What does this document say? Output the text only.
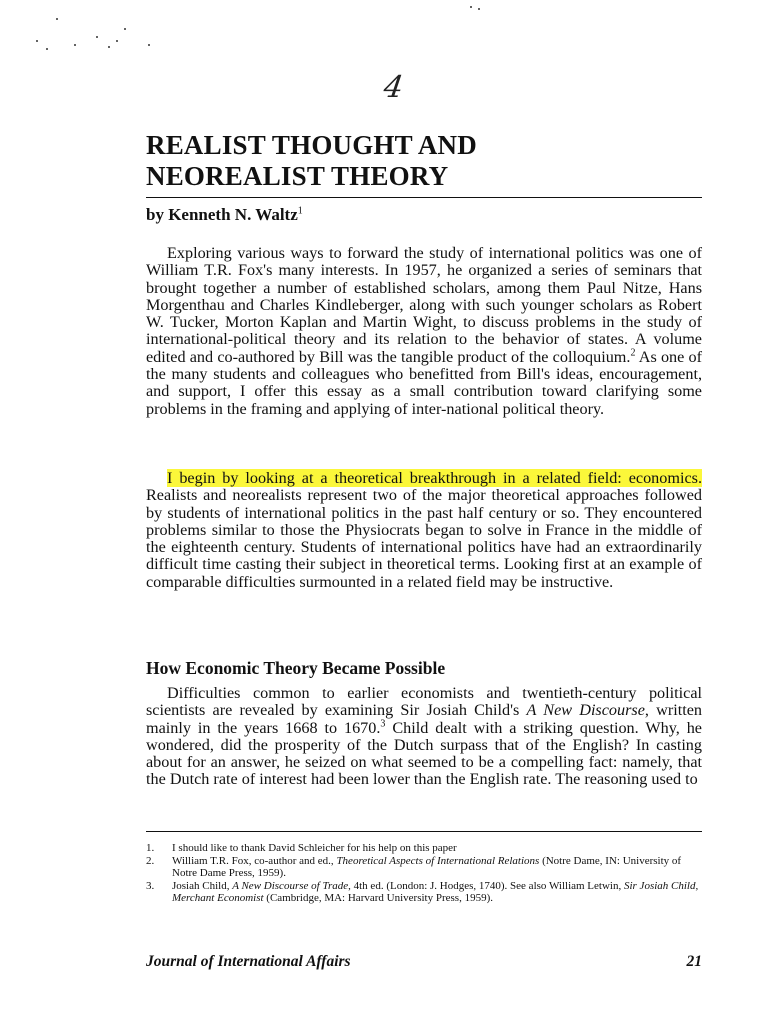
4
REALIST THOUGHT AND
NEOREALIST THEORY
by Kenneth N. Waltz$^1$

Exploring various ways to forward the study of international politics was one of William T.R. Fox's many interests. In 1957, he organized a series of seminars that brought together a number of established scholars, among them Paul Nitze, Hans Morgenthau and Charles Kindleberger, along with such younger scholars as Robert W. Tucker, Morton Kaplan and Martin Wight, to discuss problems in the study of international-political theory and its relation to the behavior of states. A volume edited and co-authored by Bill was the tangible product of the colloquium.$^2$ As one of the many students and colleagues who benefitted from Bill's ideas, encouragement, and support, I offer this essay as a small contribution toward clarifying some problems in the framing and applying of inter-national political theory.

I begin by looking at a theoretical breakthrough in a related field: economics. Realists and neorealists represent two of the major theoretical approaches followed by students of international politics in the past half century or so. They encountered problems similar to those the Physiocrats began to solve in France in the middle of the eighteenth century. Students of international politics have had an extraordinarily difficult time casting their subject in theoretical terms. Looking first at an example of comparable difficulties surmounted in a related field may be instructive.

How Economic Theory Became Possible

Difficulties common to earlier economists and twentieth-century political scientists are revealed by examining Sir Josiah Child's A New Discourse, written mainly in the years 1668 to 1670.$^3$ Child dealt with a striking question. Why, he wondered, did the prosperity of the Dutch surpass that of the English? In casting about for an answer, he seized on what seemed to be a compelling fact: namely, that the Dutch rate of interest had been lower than the English rate. The reasoning used to

1.	I should like to thank David Schleicher for his help on this paper

2.	William T.R. Fox, co-author and ed., Theoretical Aspects of International Relations (Notre Dame, IN: University of Notre Dame Press, 1959).

3.	Josiah Child, A New Discourse of Trade, 4th ed. (London: J. Hodges, 1740). See also William Letwin, Sir Josiah Child, Merchant Economist (Cambridge, MA: Harvard University Press, 1959).

Journal of International Affairs	21
